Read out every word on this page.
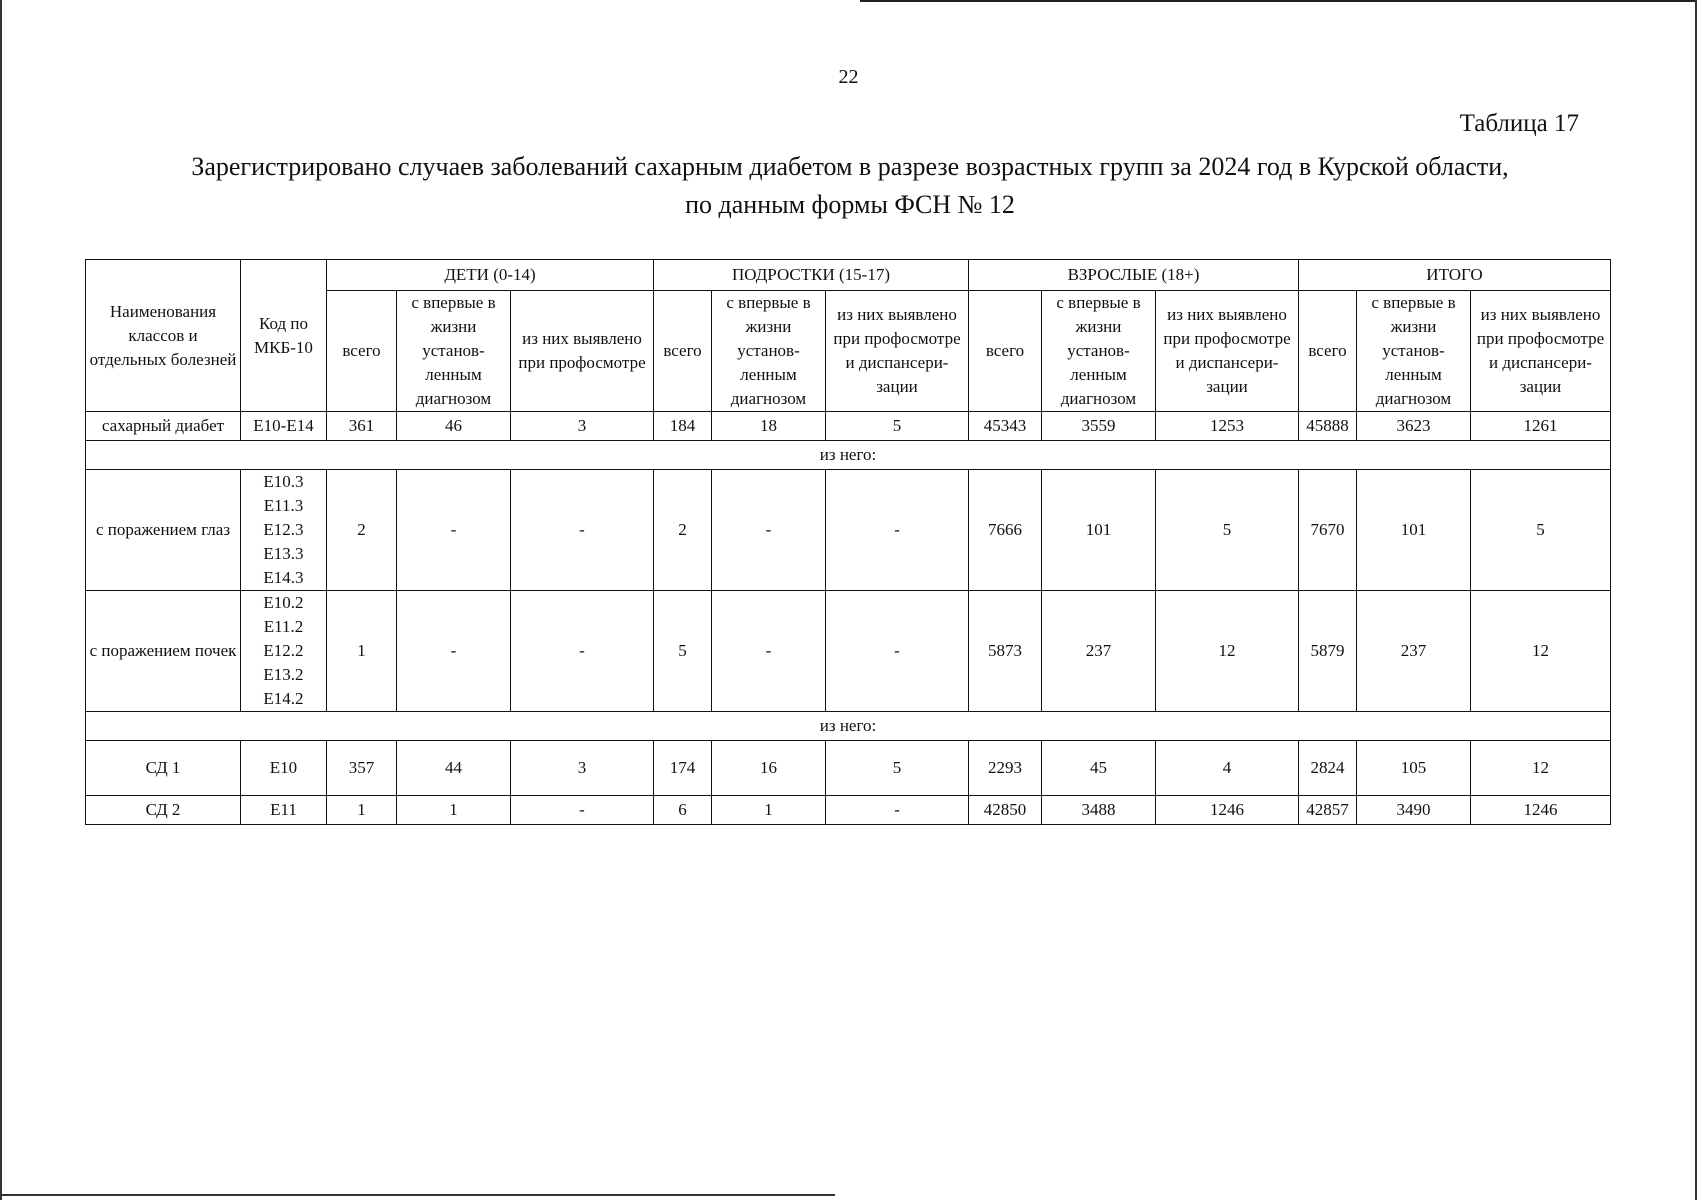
22
Таблица 17
Зарегистрировано случаев заболеваний сахарным диабетом в разрезе возрастных групп за 2024 год в Курской области,
по данным формы ФСН № 12
Наименования классов и отдельных болезней	Код по МКБ-10	ДЕТИ (0-14)			ПОДРОСТКИ (15-17)			ВЗРОСЛЫЕ (18+)			ИТОГО		
		всего	с впервые в жизни установ-ленным диагнозом	из них выявлено при профосмотре	всего	с впервые в жизни установ-ленным диагнозом	из них выявлено при профосмотре и диспансери-зации	всего	с впервые в жизни установ-ленным диагнозом	из них выявлено при профосмотре и диспансери-зации	всего	с впервые в жизни установ-ленным диагнозом	из них выявлено при профосмотре и диспансери-зации
сахарный диабет	Е10-Е14	361	46	3	184	18	5	45343	3559	1253	45888	3623	1261
из него:													
с поражением глаз	Е10.3
Е11.3
Е12.3
Е13.3
Е14.3	2	-	-	2	-	-	7666	101	5	7670	101	5
с поражением почек	Е10.2
Е11.2
Е12.2
Е13.2
Е14.2	1	-	-	5	-	-	5873	237	12	5879	237	12
из него:													
СД 1	Е10	357	44	3	174	16	5	2293	45	4	2824	105	12
СД 2	Е11	1	1	-	6	1	-	42850	3488	1246	42857	3490	1246
